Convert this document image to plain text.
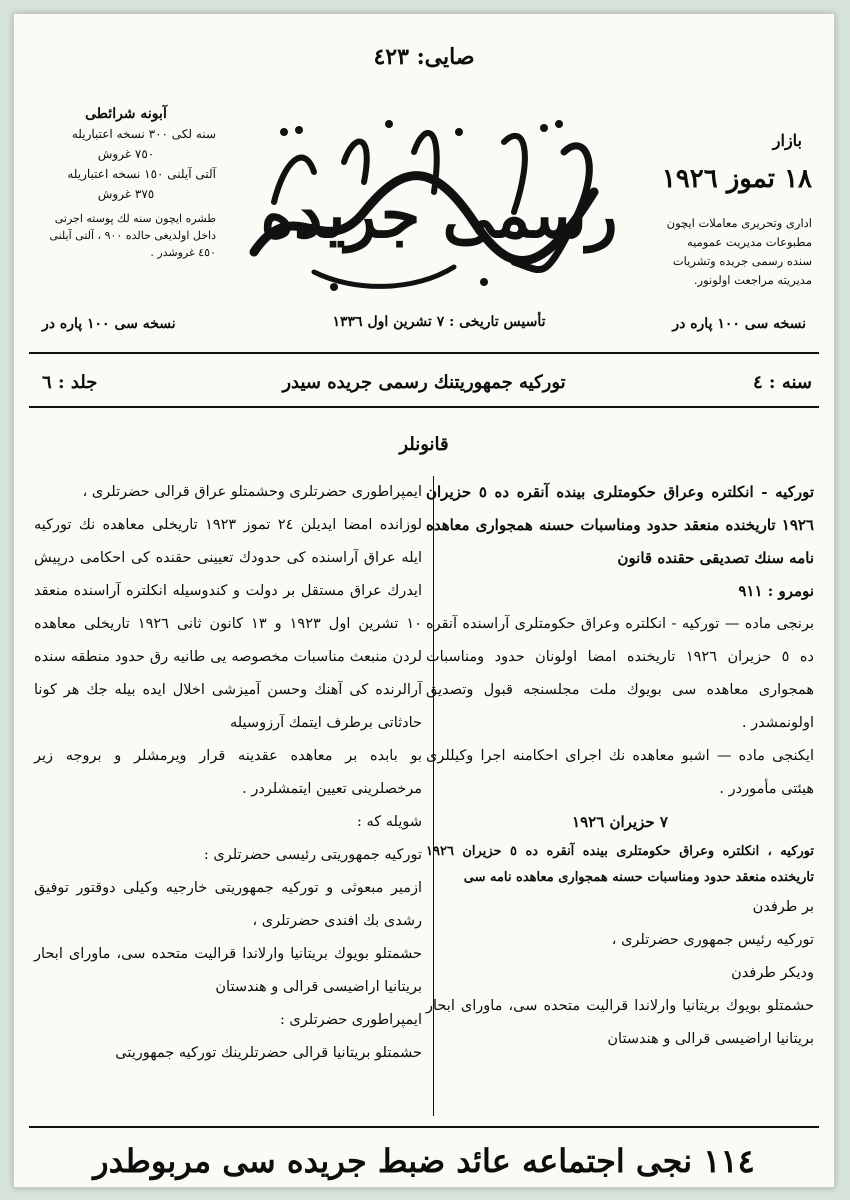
صايى: ٤٢٣
آبونه شرائطى
سنه لكى ٣٠٠ نسخه اعتباريله
٧٥٠ غروش
آلتى آيلنى ١٥٠ نسخه اعتباريله
٣٧٥ غروش
طشره ايچون سنه لك پوسته اجرتى داخل اولديغى حالده ٩٠٠ ، آلتى آيلنى ٤٥٠ غروشدر . رسمى جريده
بازار
١٨ تموز ١٩٢٦
ادارى وتحريرى معاملات ايچون مطبوعات مديريت عموميه سنده رسمى جريده وتشريات مديريته مراجعت اولونور.
تأسيس تاريخى : ٧ تشرين اول ١٣٣٦
نسخه سى ١٠٠ پاره در	نسخه سى ١٠٠ پاره در
سنه : ٤
توركيه جمهوريتنك رسمى جريده سيدر
جلد : ٦
قانونلر

توركيه - انكلتره وعراق حكومتلرى بينده آنقره ده ٥ حزيران ١٩٢٦ تاريخنده منعقد حدود ومناسبات حسنه همجوارى معاهده نامه سنك تصديقى حقنده قانون

نومرو : ٩١١

برنجى ماده — توركيه - انكلتره وعراق حكومتلرى آراسنده آنقره ده ٥ حزيران ١٩٢٦ تاريخنده امضا اولونان حدود ومناسبات همجوارى معاهده سى بويوك ملت مجلسنجه قبول وتصديق اولونمشدر .

ايكنجى ماده — اشبو معاهده نك اجراى احكامنه اجرا وكيللرى هيئتى مأموردر .

٧ حزيران ١٩٢٦

توركيه ، انكلتره وعراق حكومتلرى بينده آنقره ده ٥ حزيران ١٩٢٦ تاريخنده منعقد حدود ومناسبات حسنه همجوارى معاهده نامه سى

بر طرفدن

توركيه رئيس جمهورى حضرتلرى ،

وديكر طرفدن

حشمتلو بويوك بريتانيا وارلاندا قراليت متحده سى، ماوراى ابحار بريتانيا اراضيسى قرالى و هندستان

ايمپراطورى حضرتلرى وحشمتلو عراق قرالى حضرتلرى ،

لوزانده امضا ايديلن ٢٤ تموز ١٩٢٣ تاريخلى معاهده نك توركيه ايله عراق آراسنده كى حدودك تعيينى حقنده كى احكامى درپيش ايدرك عراق مستقل بر دولت و كندوسيله انكلتره آراسنده منعقد ١٠ تشرين اول ١٩٢٣ و ١٣ كانون ثانى ١٩٢٦ تاريخلى معاهده لردن منبعث مناسبات مخصوصه يى طانيه رق حدود منطقه سنده آرالرنده كى آهنك وحسن آميزشى اخلال ايده بيله جك هر كونا حادثاتى برطرف ايتمك آرزوسيله

بو بابده بر معاهده عقدينه قرار ويرمشلر و بروجه زير مرخصلرينى تعيين ايتمشلردر .

شويله كه :

توركيه جمهوريتى رئيسى حضرتلرى :

ازمير مبعوثى و توركيه جمهوريتى خارجيه وكيلى دوقتور توفيق رشدى بك افندى حضرتلرى ،

حشمتلو بويوك بريتانيا وارلاندا قراليت متحده سى، ماوراى ابحار بريتانيا اراضيسى قرالى و هندستان

ايمپراطورى حضرتلرى :

حشمتلو بريتانيا قرالى حضرتلرينك توركيه جمهوريتى

١١٤ نجى اجتماعه عائد ضبط جريده سى مربوطدر
